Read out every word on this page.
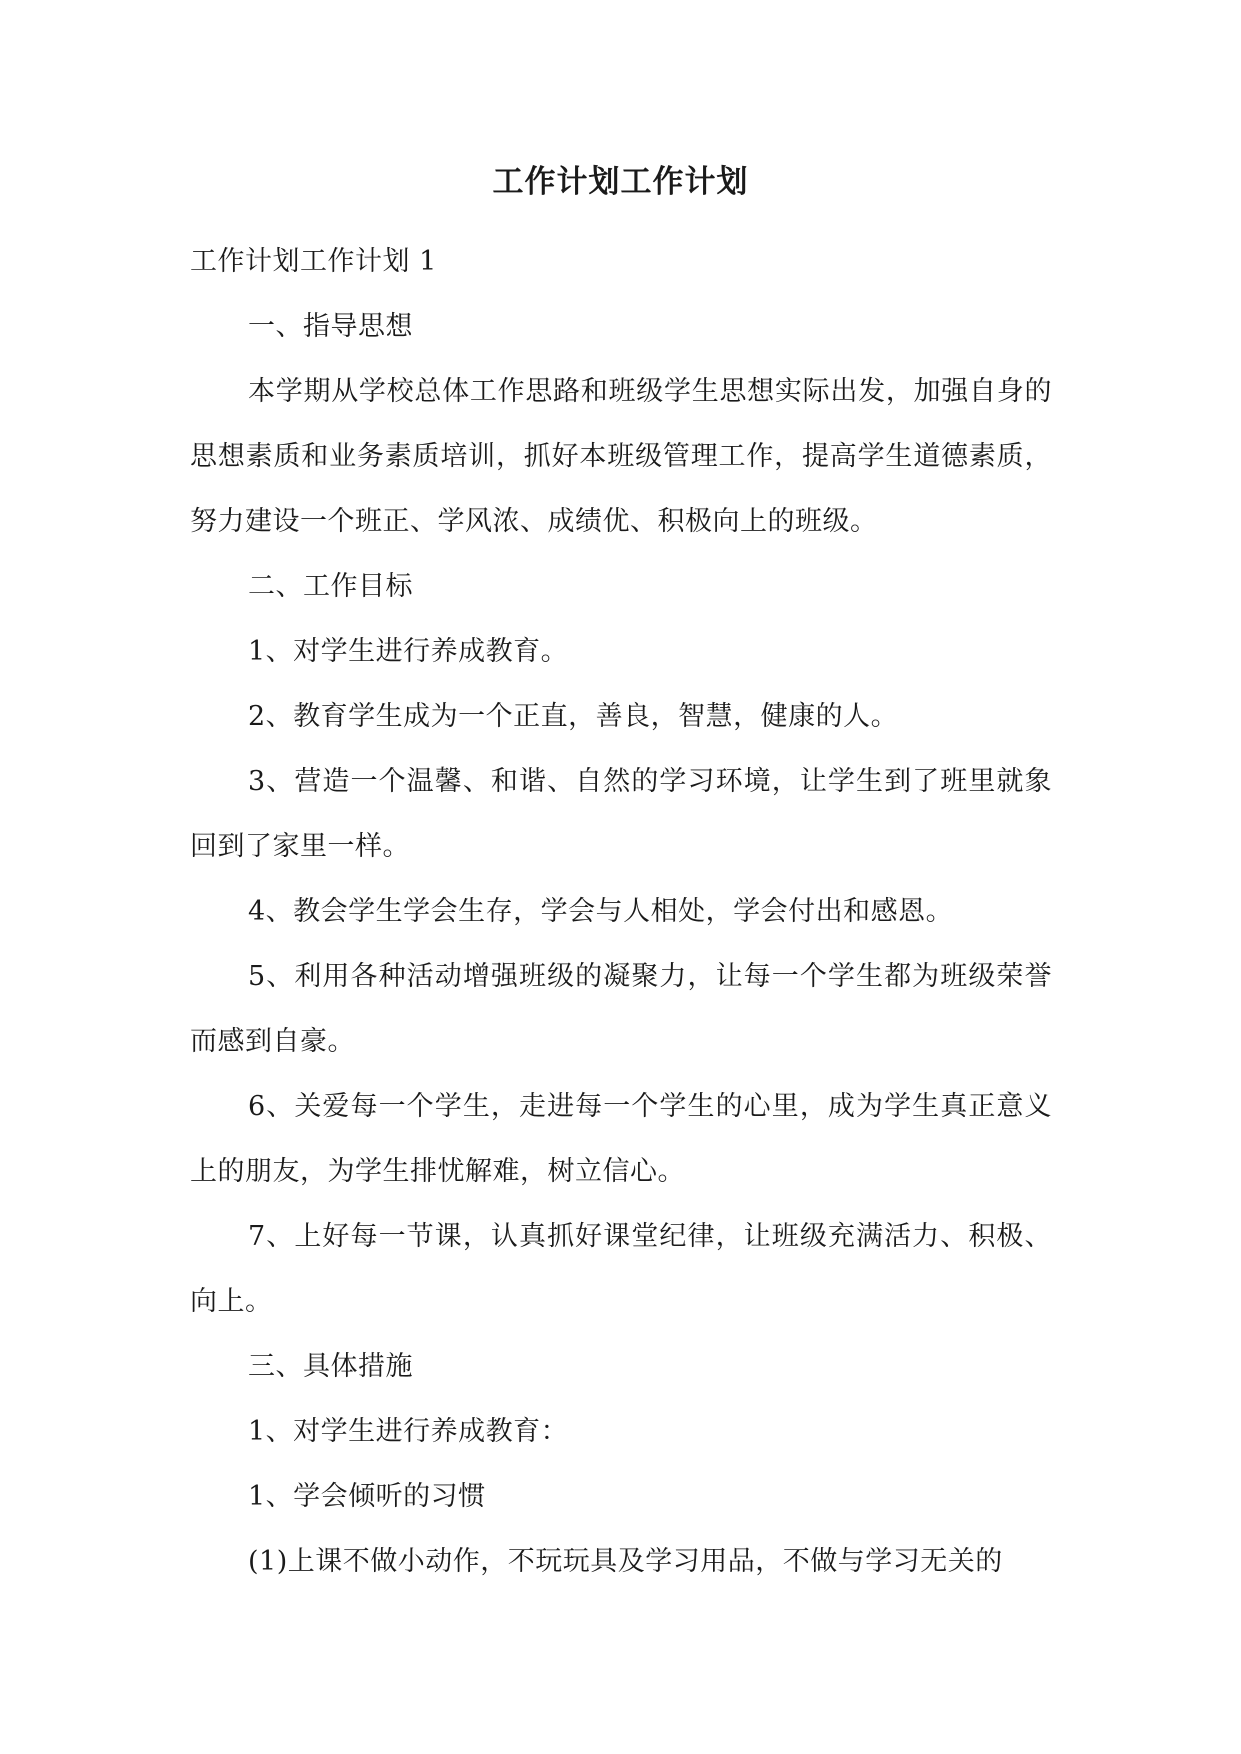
工作计划工作计划

工作计划工作计划 1

一、指导思想

本学期从学校总体工作思路和班级学生思想实际出发，加强自身的思想素质和业务素质培训，抓好本班级管理工作，提高学生道德素质，努力建设一个班正、学风浓、成绩优、积极向上的班级。

二、工作目标

1、对学生进行养成教育。

2、教育学生成为一个正直，善良，智慧，健康的人。

3、营造一个温馨、和谐、自然的学习环境，让学生到了班里就象回到了家里一样。

4、教会学生学会生存，学会与人相处，学会付出和感恩。

5、利用各种活动增强班级的凝聚力，让每一个学生都为班级荣誉而感到自豪。

6、关爱每一个学生，走进每一个学生的心里，成为学生真正意义上的朋友，为学生排忧解难，树立信心。

7、上好每一节课，认真抓好课堂纪律，让班级充满活力、积极、向上。

三、具体措施

1、对学生进行养成教育：

1、学会倾听的习惯

(1)上课不做小动作，不玩玩具及学习用品，不做与学习无关的
